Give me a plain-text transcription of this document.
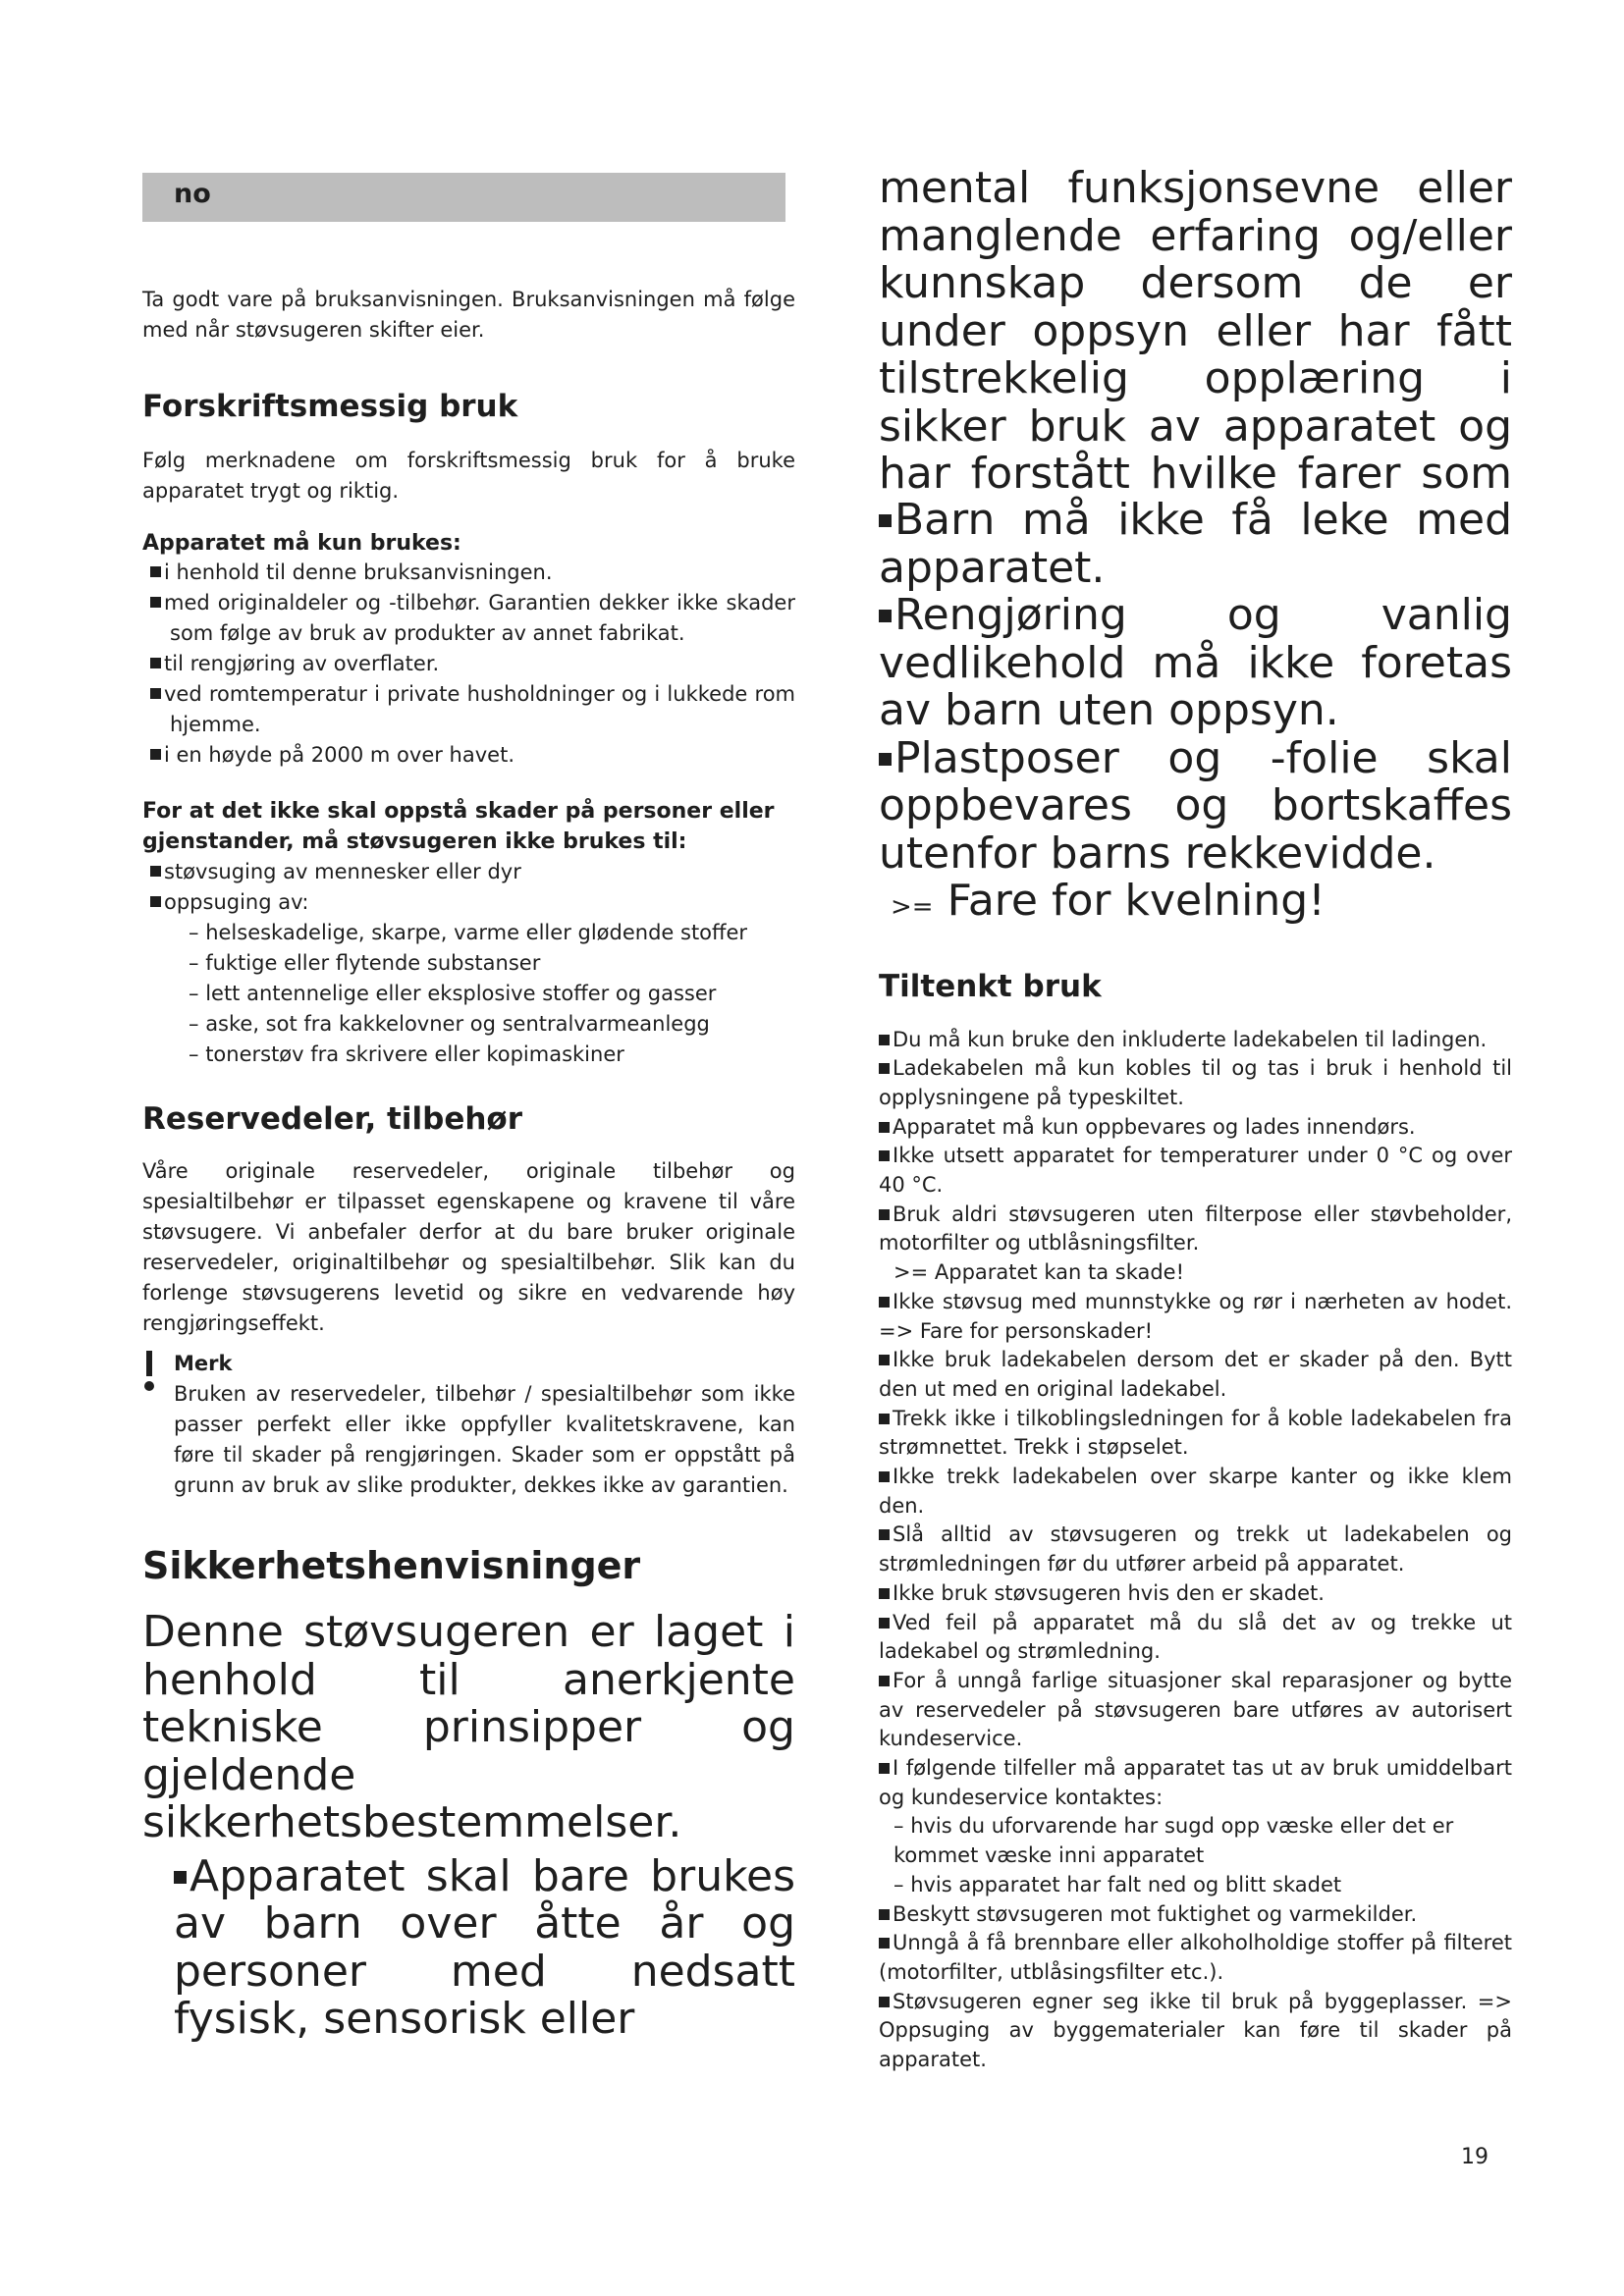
no

Ta godt vare på bruksanvisningen. Bruksanvisningen må følge med når støvsugeren skifter eier.

Forskriftsmessig bruk

Følg merknadene om forskriftsmessig bruk for å bruke apparatet trygt og riktig.

Apparatet må kun brukes:

i henhold til denne bruksanvisningen.

med originaldeler og -tilbehør. Garantien dekker ikke skader som følge av bruk av produkter av annet fabrikat.

til rengjøring av overflater.

ved romtemperatur i private husholdninger og i lukkede rom hjemme.

i en høyde på 2000 m over havet.

For at det ikke skal oppstå skader på personer eller gjenstander, må støvsugeren ikke brukes til:

støvsuging av mennesker eller dyr

oppsuging av:

– helseskadelige, skarpe, varme eller glødende stoffer

– fuktige eller flytende substanser

– lett antennelige eller eksplosive stoffer og gasser

– aske, sot fra kakkelovner og sentralvarmeanlegg

– tonerstøv fra skrivere eller kopimaskiner

Reservedeler, tilbehør

Våre originale reservedeler, originale tilbehør og spesialtilbehør er tilpasset egenskapene og kravene til våre støvsugere. Vi anbefaler derfor at du bare bruker originale reservedeler, originaltilbehør og spesialtilbehør. Slik kan du forlenge støvsugerens levetid og sikre en vedvarende høy rengjøringseffekt.

Merk

Bruken av reservedeler, tilbehør / spesialtilbehør som ikke passer perfekt eller ikke oppfyller kvalitetskravene, kan føre til skader på rengjøringen. Skader som er oppstått på grunn av bruk av slike produkter, dekkes ikke av garantien.

Sikkerhetshenvisninger

Denne støvsugeren er laget i henhold til anerkjente tekniske prinsipper og gjeldende sikkerhetsbestemmelser.

Apparatet skal bare brukes av barn over åtte år og personer med nedsatt fysisk, sensorisk eller

mental funksjonsevne eller manglende erfaring og/eller kunnskap dersom de er under oppsyn eller har fått tilstrekkelig opplæring i sikker bruk av apparatet og har forstått hvilke farer som

Barn må ikke få leke med apparatet.

Rengjøring og vanlig vedlikehold må ikke foretas av barn uten oppsyn.

Plastposer og -folie skal oppbevares og bortskaffes utenfor barns rekkevidde.

>= Fare for kvelning!

Tiltenkt bruk

Du må kun bruke den inkluderte ladekabelen til ladingen.

Ladekabelen må kun kobles til og tas i bruk i henhold til opplysningene på typeskiltet.

Apparatet må kun oppbevares og lades innendørs.

Ikke utsett apparatet for temperaturer under 0 °C og over 40 °C.

Bruk aldri støvsugeren uten filterpose eller støvbeholder, motorfilter og utblåsningsfilter.

>= Apparatet kan ta skade!

Ikke støvsug med munnstykke og rør i nærheten av hodet. => Fare for personskader!

Ikke bruk ladekabelen dersom det er skader på den. Bytt den ut med en original ladekabel.

Trekk ikke i tilkoblingsledningen for å koble ladekabelen fra strømnettet. Trekk i støpselet.

Ikke trekk ladekabelen over skarpe kanter og ikke klem den.

Slå alltid av støvsugeren og trekk ut ladekabelen og strømledningen før du utfører arbeid på apparatet.

Ikke bruk støvsugeren hvis den er skadet.

Ved feil på apparatet må du slå det av og trekke ut ladekabel og strømledning.

For å unngå farlige situasjoner skal reparasjoner og bytte av reservedeler på støvsugeren bare utføres av autorisert kundeservice.

I følgende tilfeller må apparatet tas ut av bruk umiddelbart og kundeservice kontaktes:

– hvis du uforvarende har sugd opp væske eller det er kommet væske inni apparatet

– hvis apparatet har falt ned og blitt skadet

Beskytt støvsugeren mot fuktighet og varmekilder.

Unngå å få brennbare eller alkoholholdige stoffer på filteret (motorfilter, utblåsingsfilter etc.).

Støvsugeren egner seg ikke til bruk på byggeplasser. => Oppsuging av byggematerialer kan føre til skader på apparatet.

19
